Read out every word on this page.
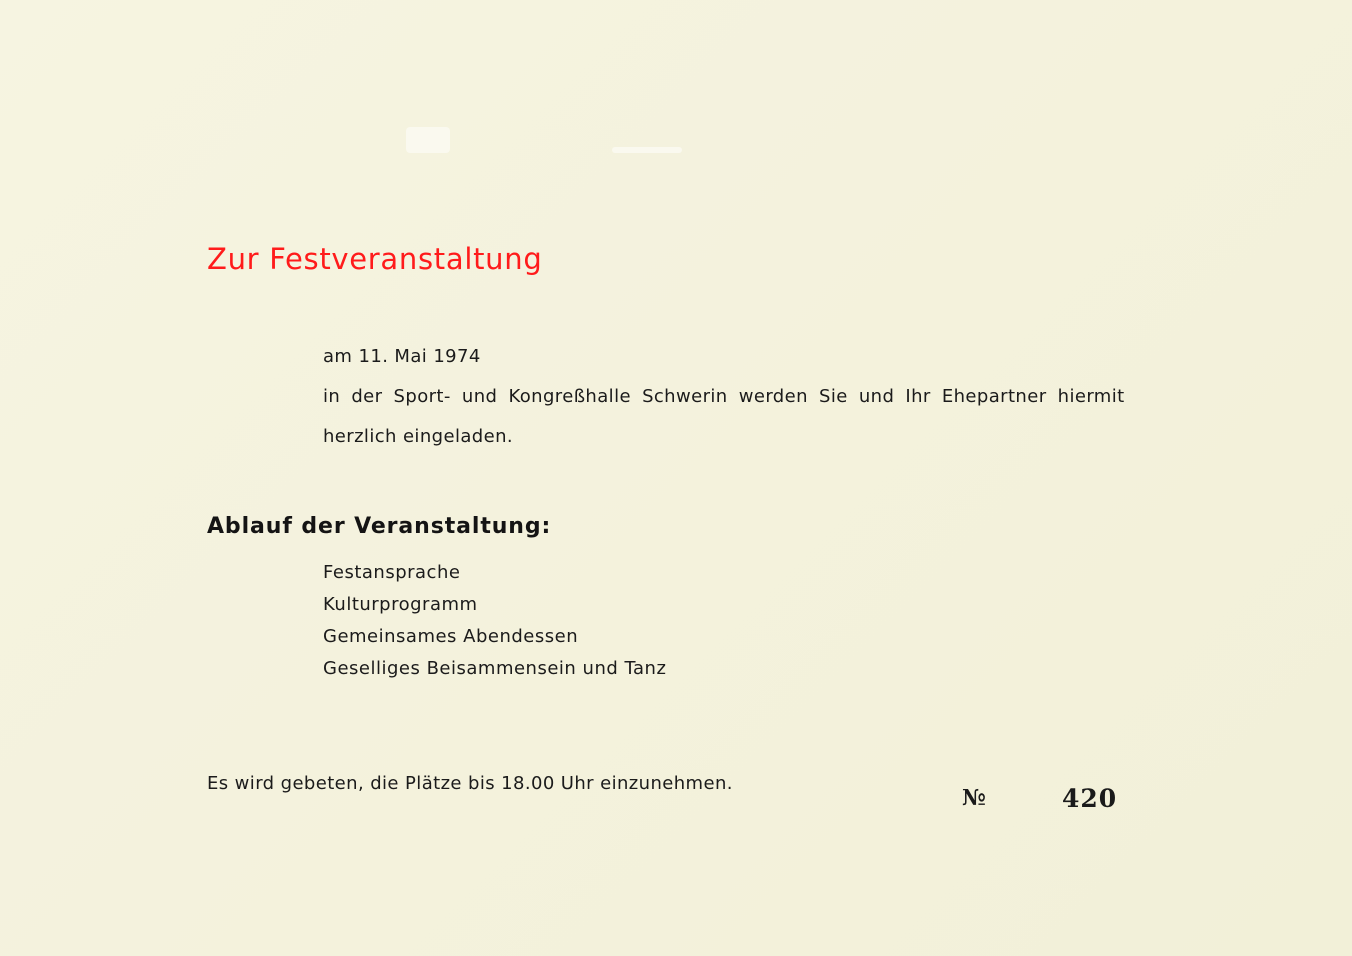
Zur Festveranstaltung
am 11. Mai 1974
in der Sport- und Kongreßhalle Schwerin werden Sie und Ihr Ehepartner hiermit
herzlich eingeladen.
Ablauf der Veranstaltung:
Festansprache
Kulturprogramm
Gemeinsames Abendessen
Geselliges Beisammensein und Tanz
Es wird gebeten, die Plätze bis 18.00 Uhr einzunehmen.
№	420
